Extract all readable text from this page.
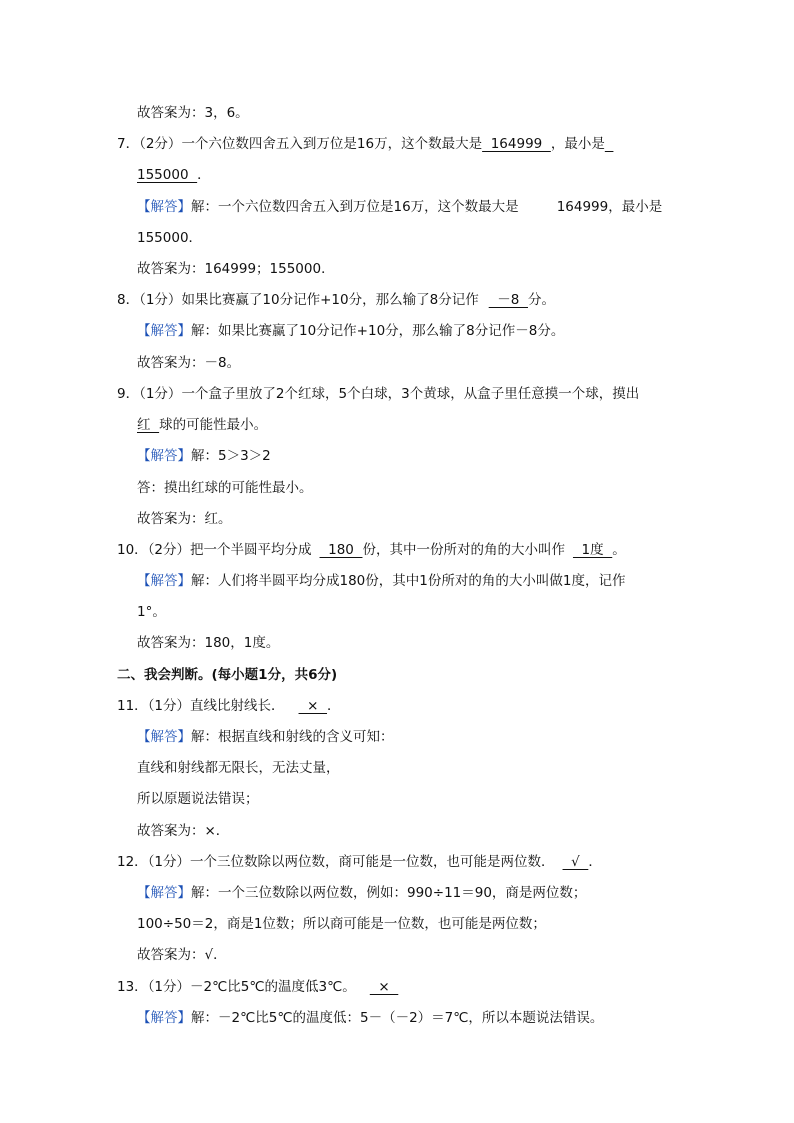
故答案为：3，6。
7．（2分）一个六位数四舍五入到万位是16万，这个数最大是  164999  ，最小是
155000  ．
【解答】解：一个六位数四舍五入到万位是16万，这个数最大是	164999，最小是
155000．
故答案为：164999；155000．
8．（1分）如果比赛赢了10分记作+10分，那么输了8分记作  －8  分。
【解答】解：如果比赛赢了10分记作+10分，那么输了8分记作－8分。
故答案为：－8。
9．（1分）一个盒子里放了2个红球，5个白球，3个黄球，从盒子里任意摸一个球，摸出
红  球的可能性最小。
【解答】解：5＞3＞2
答：摸出红球的可能性最小。
故答案为：红。
10．（2分）把一个半圆平均分成  180  份，其中一份所对的角的大小叫作  1度  。
【解答】解：人们将半圆平均分成180份，其中1份所对的角的大小叫做1度，记作
1°。
故答案为：180，1度。
二、我会判断。(每小题1分，共6分)
11．（1分）直线比射线长．  ×  ．
【解答】解：根据直线和射线的含义可知：
直线和射线都无限长，无法丈量，
所以原题说法错误；
故答案为：×．
12．（1分）一个三位数除以两位数，商可能是一位数，也可能是两位数．  √  ．
【解答】解：一个三位数除以两位数，例如：990÷11＝90，商是两位数；
100÷50＝2，商是1位数；所以商可能是一位数，也可能是两位数；
故答案为：√．
13．（1分）－2℃比5℃的温度低3℃。  ×
【解答】解：－2℃比5℃的温度低：5－（－2）＝7℃，所以本题说法错误。
